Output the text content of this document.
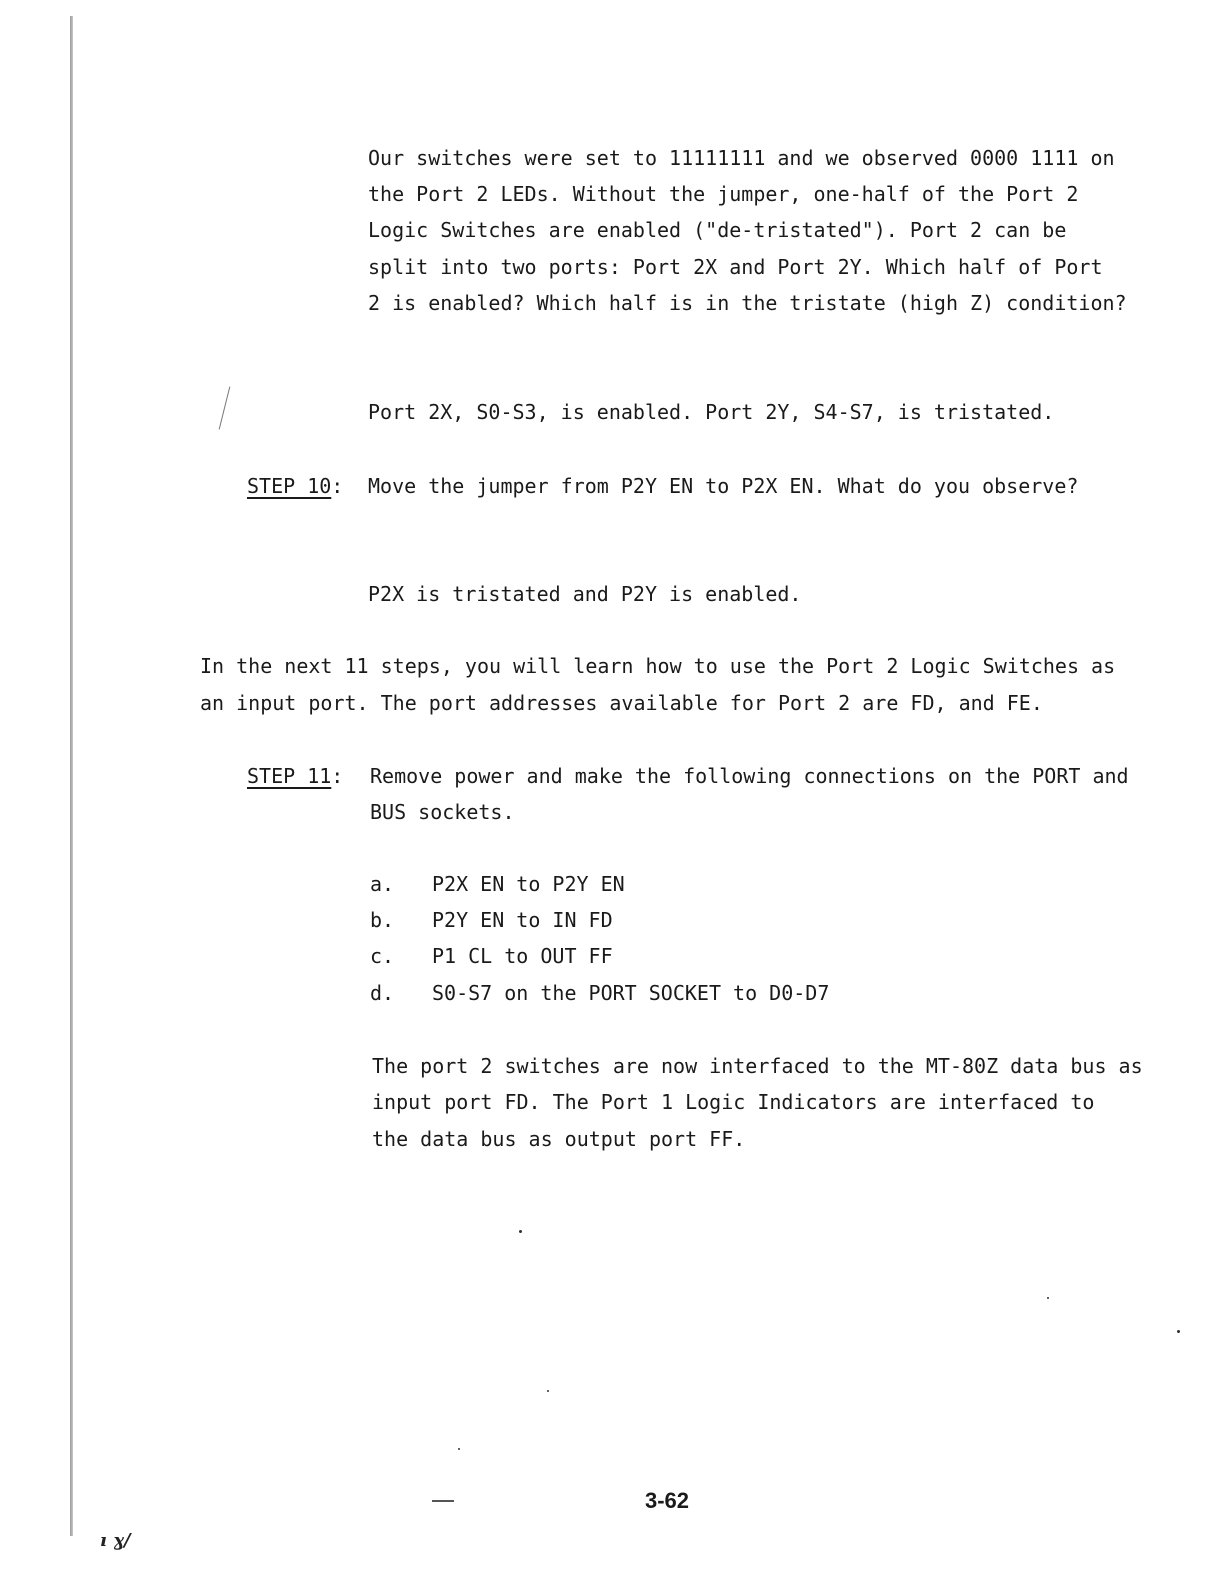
Our switches were set to 11111111 and we observed 0000 1111 on

the Port 2 LEDs. Without the jumper, one-half of the Port 2

Logic Switches are enabled ("de-tristated"). Port 2 can be

split into two ports: Port 2X and Port 2Y. Which half of Port

2 is enabled? Which half is in the tristate (high Z) condition?

Port 2X, S0-S3, is enabled. Port 2Y, S4-S7, is tristated.

STEP 10: Move the jumper from P2Y EN to P2X EN. What do you observe?

P2X is tristated and P2Y is enabled.

In the next 11 steps, you will learn how to use the Port 2 Logic Switches as

an input port. The port addresses available for Port 2 are FD, and FE.

STEP 11: Remove power and make the following connections on the PORT and

BUS sockets.

a. P2X EN to P2Y EN
b. P2Y EN to IN FD
c. P1 CL to OUT FF
d. S0-S7 on the PORT SOCKET to D0-D7

The port 2 switches are now interfaced to the MT-80Z data bus as

input port FD. The Port 1 Logic Indicators are interfaced to

the data bus as output port FF.

3-62
ı ɣ/
